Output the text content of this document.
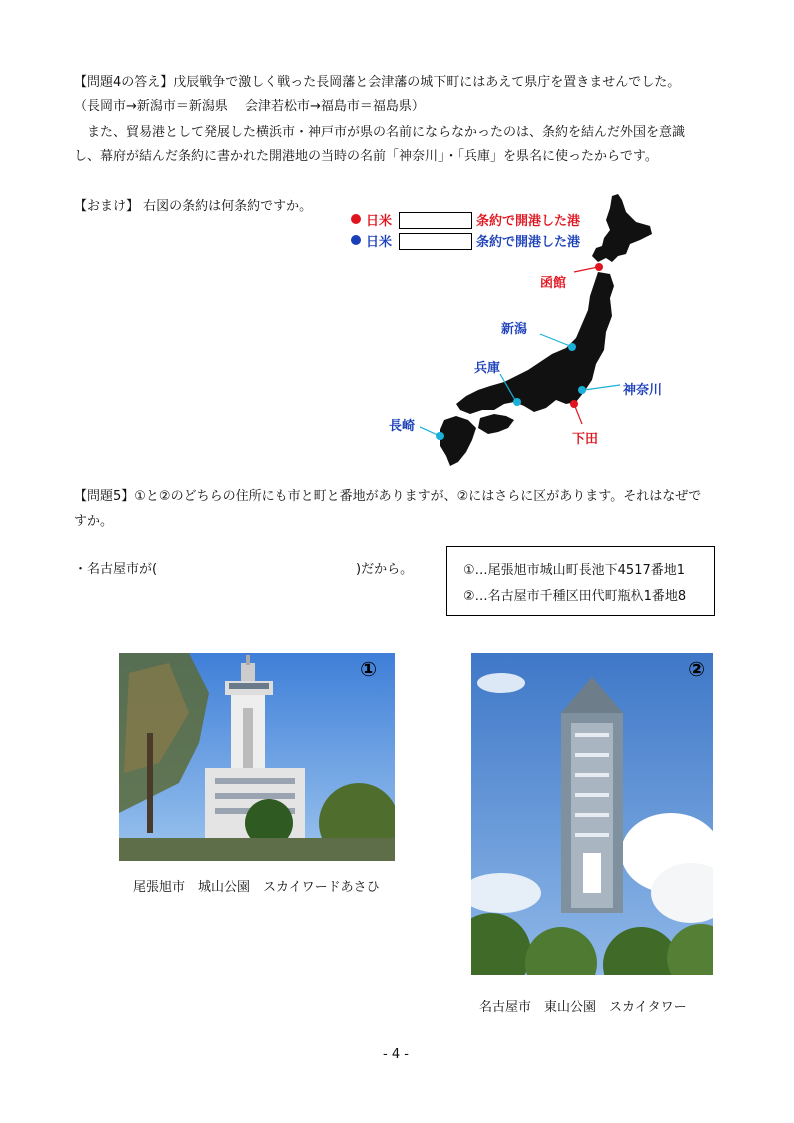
【問題4の答え】戊辰戦争で激しく戦った長岡藩と会津藩の城下町にはあえて県庁を置きませんでした。
（長岡市→新潟市＝新潟県　 会津若松市→福島市＝福島県）
　また、貿易港として発展した横浜市・神戸市が県の名前にならなかったのは、条約を結んだ外国を意識
し、幕府が結んだ条約に書かれた開港地の当時の名前「神奈川」・「兵庫」を県名に使ったからです。
【おまけ】 右図の条約は何条約ですか。
日米	条約で開港した港
日米	条約で開港した港
函館
新潟
兵庫
神奈川
長崎
下田
【問題5】①と②のどちらの住所にも市と町と番地がありますが、②にはさらに区があります。それはなぜで
すか。
・名古屋市が(	)だから。	①…尾張旭市城山町長池下4517番地1
②…名古屋市千種区田代町瓶杁1番地8
①
尾張旭市　城山公園　スカイワードあさひ
②
名古屋市　東山公園　スカイタワー
- 4 -
